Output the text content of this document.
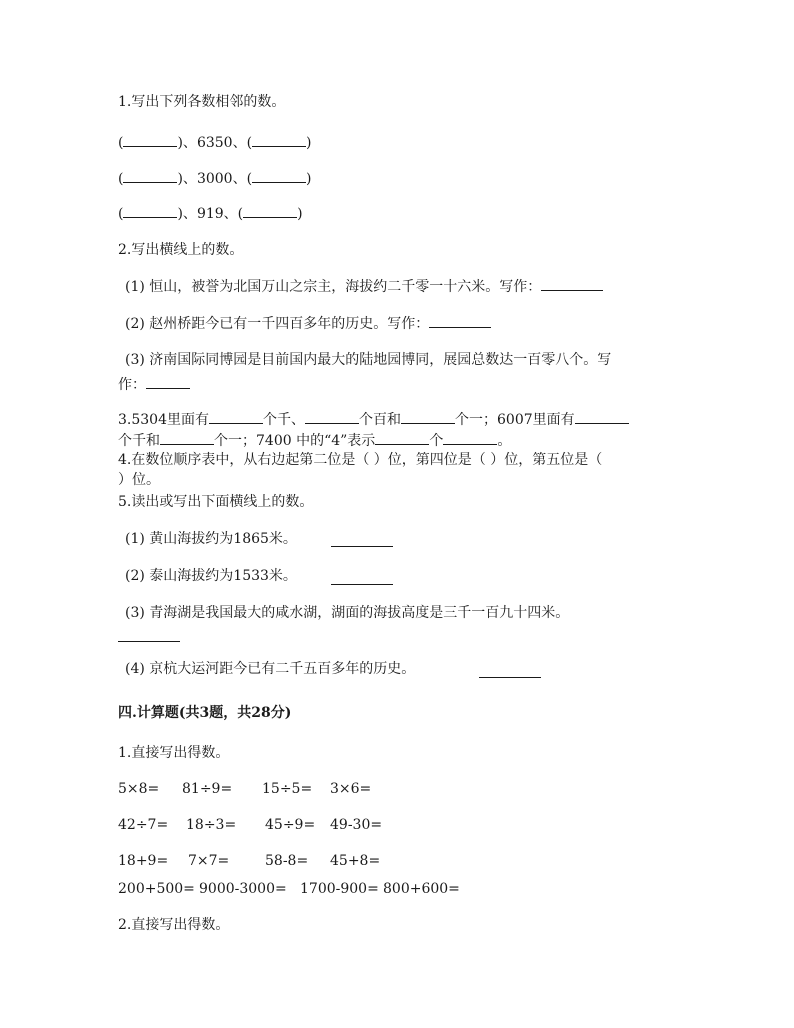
1.写出下列各数相邻的数。
(	)、6350、(	)
(	)、3000、(	)
(	)、919、(	)
2.写出横线上的数。
(1) 恒山，被誉为北国万山之宗主，海拔约二千零一十六米。写作：
(2) 赵州桥距今已有一千四百多年的历史。写作：
(3) 济南国际同博园是目前国内最大的陆地园博同，展园总数达一百零八个。写
作：
3.5304里面有	个千、	个百和	个一；6007里面有
个千和	个一；7400 中的“4”表示	个	。
4.在数位顺序表中，从右边起第二位是（ ）位，第四位是（ ）位，第五位是（
）位。
5.读出或写出下面横线上的数。
(1) 黄山海拔约为1865米。
(2) 泰山海拔约为1533米。
(3) 青海湖是我国最大的咸水湖，湖面的海拔高度是三千一百九十四米。
(4) 京杭大运河距今已有二千五百多年的历史。
四.计算题(共3题，共28分)
1.直接写出得数。
5×8= 81÷9= 15÷5= 3×6=
42÷7= 18÷3= 45÷9= 49-30=
18+9= 7×7=	58-8= 45+8=
200+500= 9000-3000= 1700-900= 800+600=
2.直接写出得数。
